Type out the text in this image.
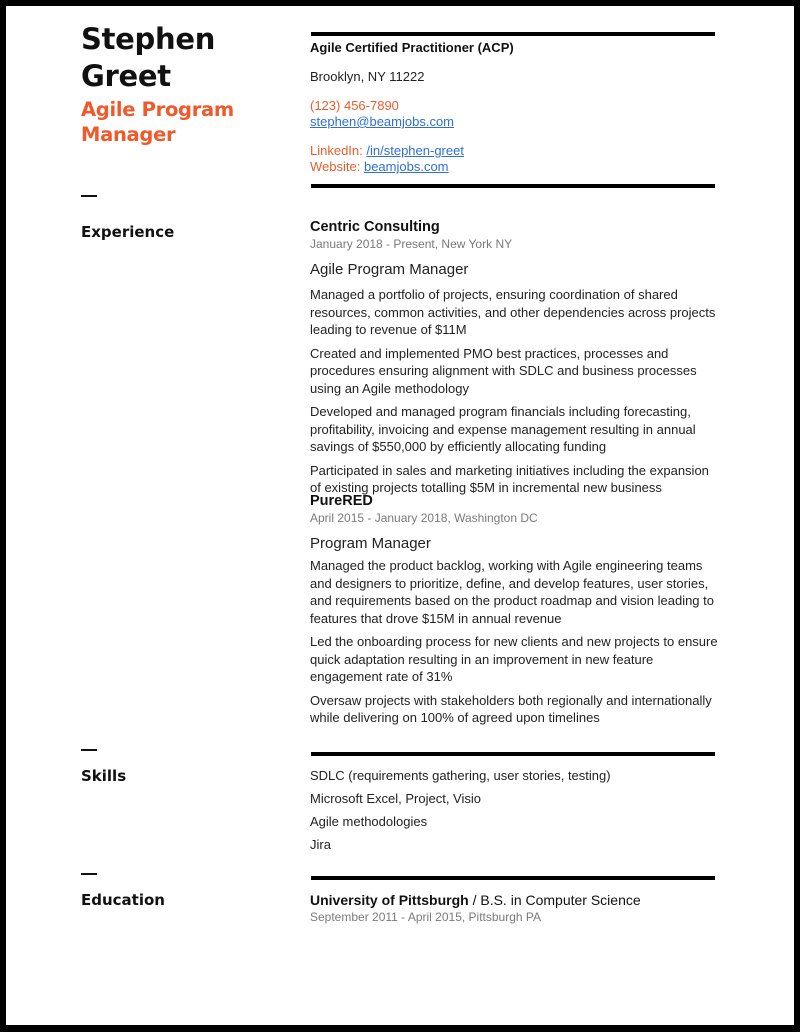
Stephen
Greet
Agile Program
Manager
Agile Certified Practitioner (ACP)
Brooklyn, NY 11222
(123) 456-7890
stephen@beamjobs.com
LinkedIn: /in/stephen-greet
Website: beamjobs.com
Experience	Centric Consulting
January 2018 - Present, New York NY
Agile Program Manager
Managed a portfolio of projects, ensuring coordination of shared resources, common activities, and other dependencies across projects leading to revenue of $11M
Created and implemented PMO best practices, processes and procedures ensuring alignment with SDLC and business processes using an Agile methodology
Developed and managed program financials including forecasting, profitability, invoicing and expense management resulting in annual savings of $550,000 by efficiently allocating funding
Participated in sales and marketing initiatives including the expansion of existing projects totalling $5M in incremental new business
PureRED
April 2015 - January 2018, Washington DC
Program Manager
Managed the product backlog, working with Agile engineering teams and designers to prioritize, define, and develop features, user stories, and requirements based on the product roadmap and vision leading to features that drove $15M in annual revenue
Led the onboarding process for new clients and new projects to ensure quick adaptation resulting in an improvement in new feature engagement rate of 31%
Oversaw projects with stakeholders both regionally and internationally while delivering on 100% of agreed upon timelines
Skills	SDLC (requirements gathering, user stories, testing)
Microsoft Excel, Project, Visio
Agile methodologies
Jira
Education	University of Pittsburgh / B.S. in Computer Science
September 2011 - April 2015, Pittsburgh PA
